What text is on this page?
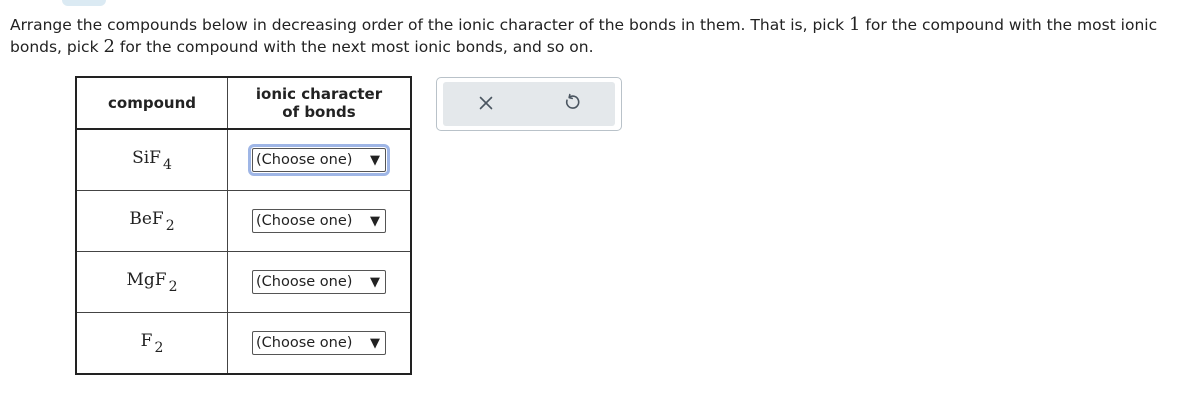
Arrange the compounds below in decreasing order of the ionic character of the bonds in them. That is, pick 1 for the compound with the most ionic bonds, pick 2 for the compound with the next most ionic bonds, and so on.
compound	ionic character
of bonds
SiF $_4$	(Choose one) ▼

BeF $_2$	(Choose one) ▼

MgF $_2$	(Choose one) ▼

F $_2$	(Choose one) ▼
